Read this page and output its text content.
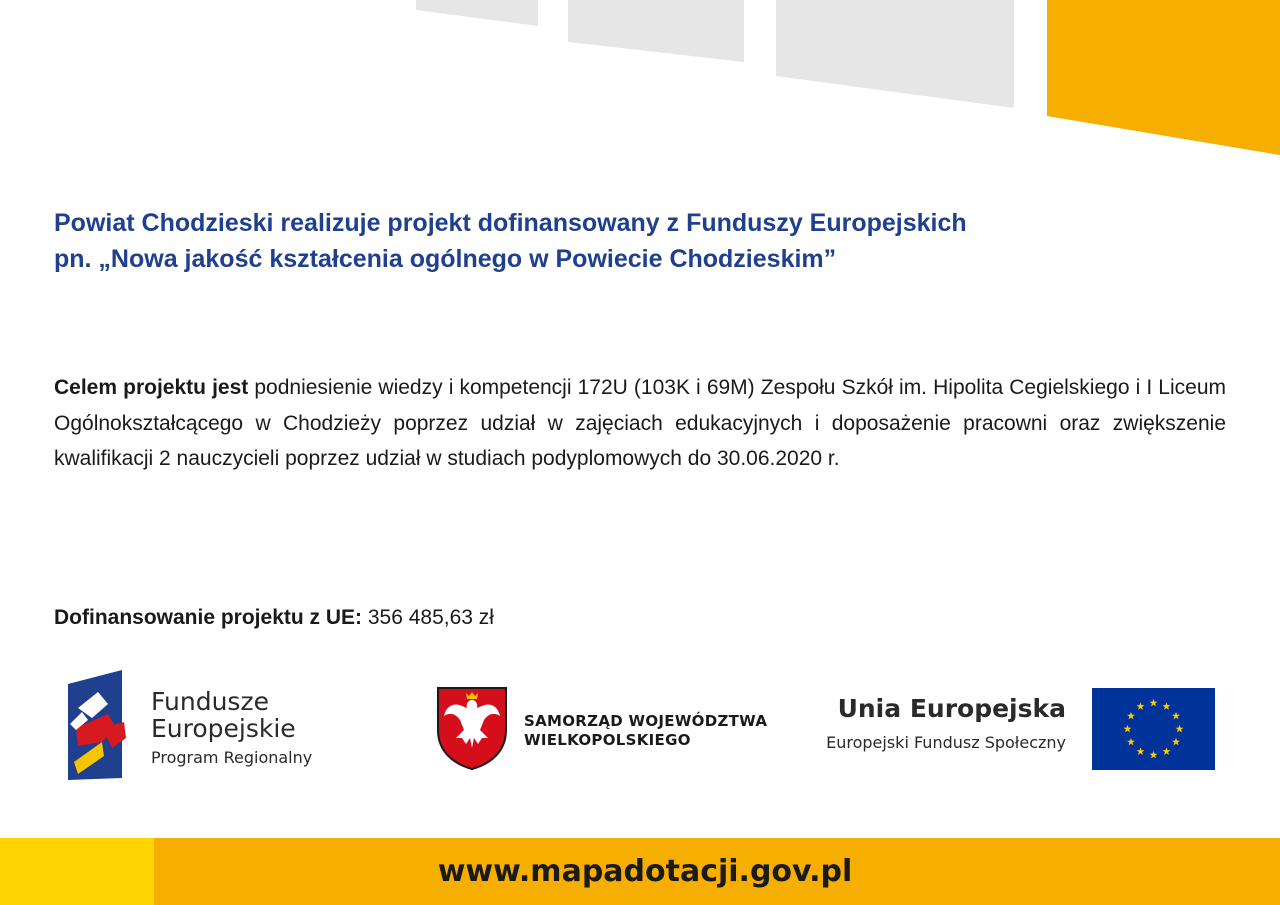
Powiat Chodzieski realizuje projekt dofinansowany z Funduszy Europejskich
pn. „Nowa jakość kształcenia ogólnego w Powiecie Chodzieskim”
Celem projektu jest podniesienie wiedzy i kompetencji 172U (103K i 69M) Zespołu Szkół im. Hipolita Cegielskiego i I Liceum Ogólnokształcącego w Chodzieży poprzez udział w zajęciach edukacyjnych i doposażenie pracowni oraz zwiększenie kwalifikacji 2 nauczycieli poprzez udział w studiach podyplomowych do 30.06.2020 r.
Dofinansowanie projektu z UE: 356 485,63 zł
Fundusze
Europejskie
Program Regionalny
SAMORZĄD WOJEWÓDZTWA
WIELKOPOLSKIEGO
Unia Europejska
Europejski Fundusz Społeczny
www.mapadotacji.gov.pl
